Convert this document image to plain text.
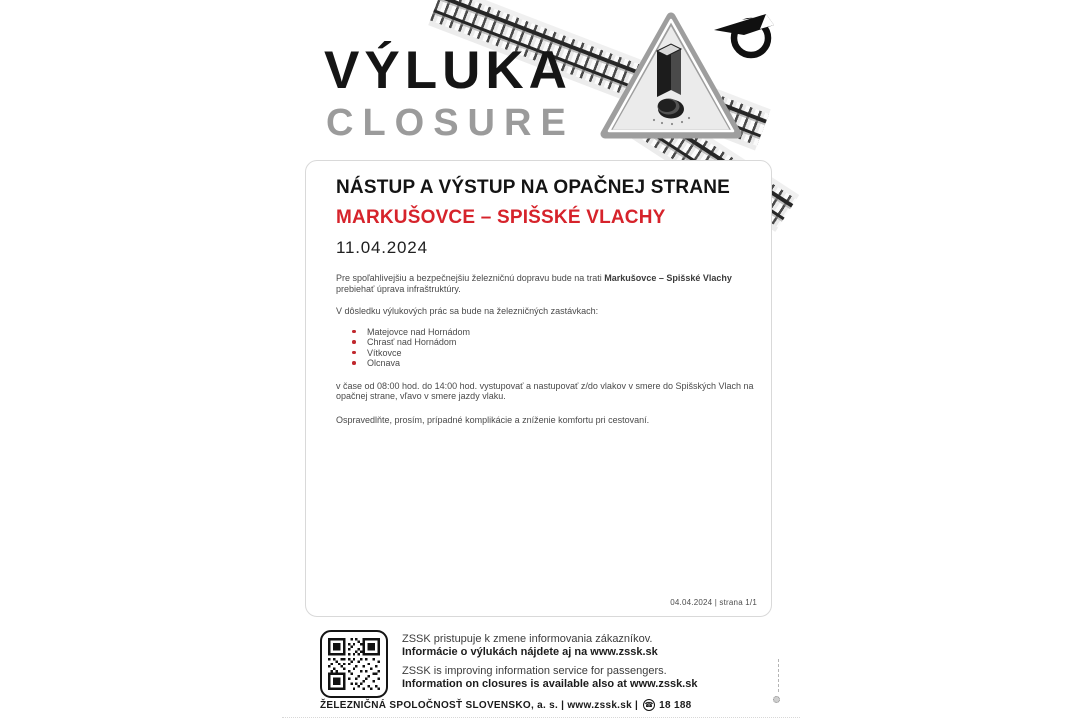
VÝLUKA
CLOSURE
NÁSTUP A VÝSTUP NA OPAČNEJ STRANE
MARKUŠOVCE – SPIŠSKÉ VLACHY
11.04.2024

Pre spoľahlivejšiu a bezpečnejšiu železničnú dopravu bude na trati Markušovce – Spišské Vlachy prebiehať úprava infraštruktúry.

V dôsledku výlukových prác sa bude na železničných zastávkach:

Matejovce nad Hornádom
Chrasť nad Hornádom
Vítkovce
Olcnava

v čase od 08:00 hod. do 14:00 hod. vystupovať a nastupovať z/do vlakov v smere do Spišských Vlach na opačnej strane, vľavo v smere jazdy vlaku.

Ospravedlňte, prosím, prípadné komplikácie a zníženie komfortu pri cestovaní.

04.04.2024 | strana 1/1
ZSSK pristupuje k zmene informovania zákazníkov.
Informácie o výlukách nájdete aj na www.zssk.sk
ZSSK is improving information service for passengers.
Information on closures is available also at www.zssk.sk
ŽELEZNIČNÁ SPOLOČNOSŤ SLOVENSKO, a. s. | www.zssk.sk | ☎ 18 188
